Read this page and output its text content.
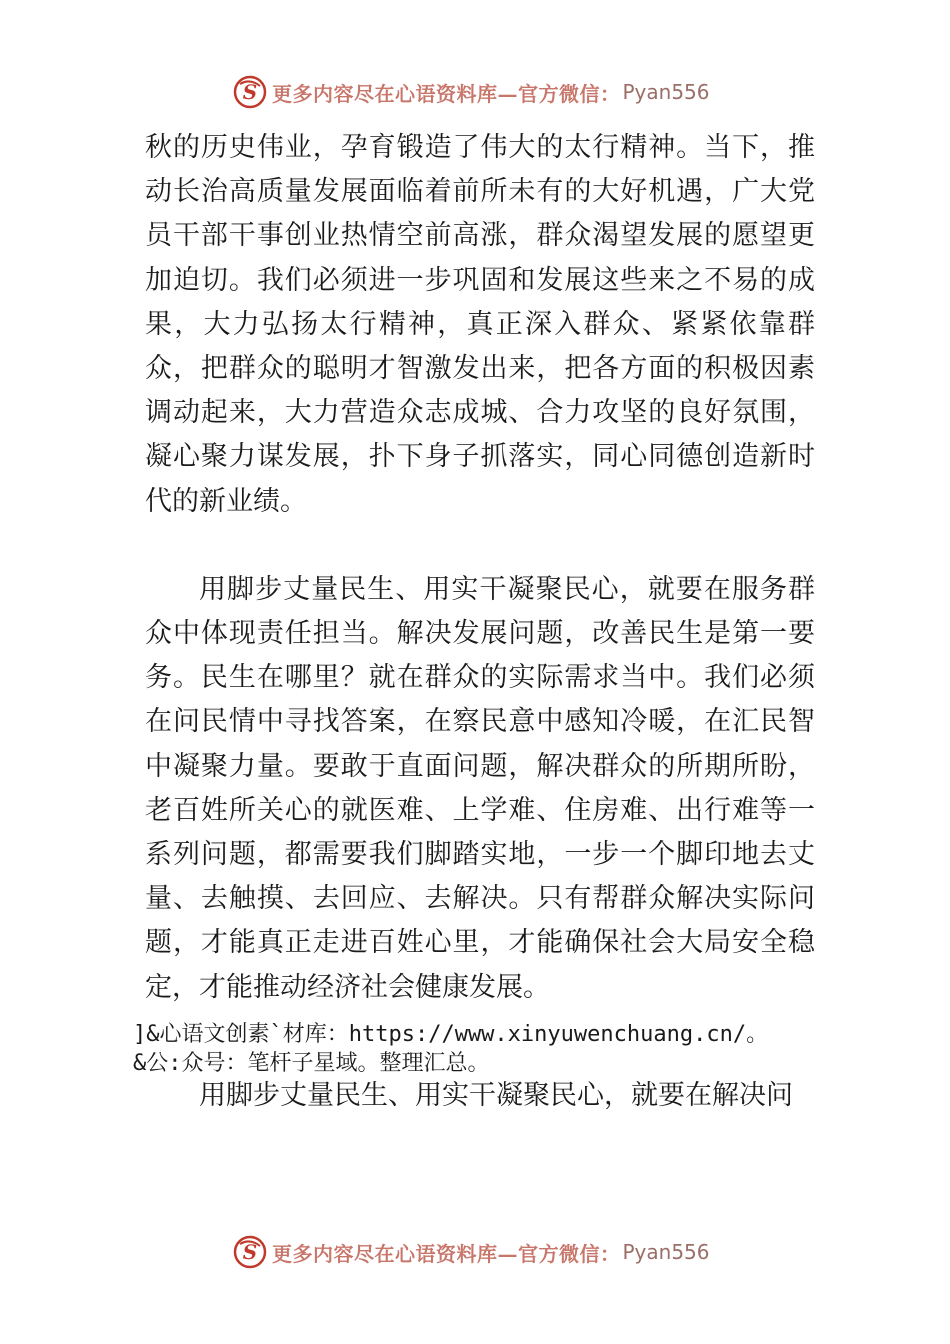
S 更多内容尽在心语资料库—官方微信： Pyan556

秋的历史伟业，孕育锻造了伟大的太行精神。当下，推动长治高质量发展面临着前所未有的大好机遇，广大党员干部干事创业热情空前高涨，群众渴望发展的愿望更加迫切。我们必须进一步巩固和发展这些来之不易的成果，大力弘扬太行精神，真正深入群众、紧紧依靠群众，把群众的聪明才智激发出来，把各方面的积极因素调动起来，大力营造众志成城、合力攻坚的良好氛围，凝心聚力谋发展，扑下身子抓落实，同心同德创造新时代的新业绩。

用脚步丈量民生、用实干凝聚民心，就要在服务群众中体现责任担当。解决发展问题，改善民生是第一要务。民生在哪里？就在群众的实际需求当中。我们必须在问民情中寻找答案，在察民意中感知冷暖，在汇民智中凝聚力量。要敢于直面问题，解决群众的所期所盼，老百姓所关心的就医难、上学难、住房难、出行难等一系列问题，都需要我们脚踏实地，一步一个脚印地去丈量、去触摸、去回应、去解决。只有帮群众解决实际问题，才能真正走进百姓心里，才能确保社会大局安全稳定，才能推动经济社会健康发展。

]&心语文创素`材库：https://www.xinyuwenchuang.cn/。
&公:众号：笔杆子星域。整理汇总。

用脚步丈量民生、用实干凝聚民心，就要在解决问

S 更多内容尽在心语资料库—官方微信： Pyan556
